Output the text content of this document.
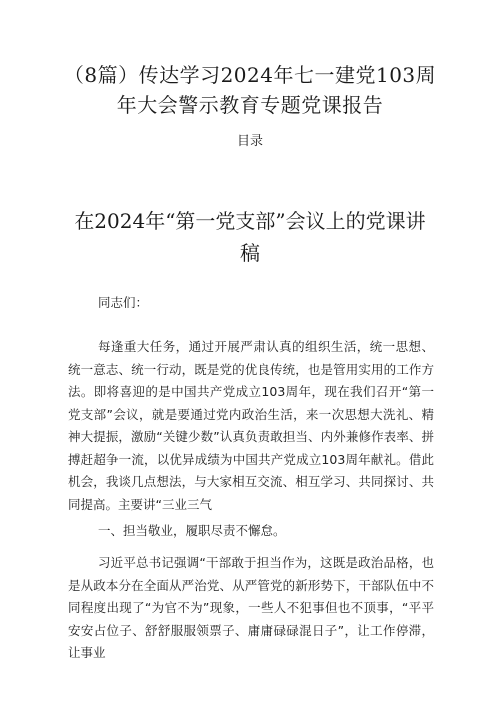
（8篇）传达学习2024年七一建党103周年大会警示教育专题党课报告
目录
在2024年“第一党支部”会议上的党课讲稿

同志们：

每逢重大任务，通过开展严肃认真的组织生活，统一思想、统一意志、统一行动，既是党的优良传统，也是管用实用的工作方法。即将喜迎的是中国共产党成立103周年，现在我们召开“第一党支部”会议，就是要通过党内政治生活，来一次思想大洗礼、精神大提振，激励“关键少数”认真负责敢担当、内外兼修作表率、拼搏赶超争一流，以优异成绩为中国共产党成立103周年献礼。借此机会，我谈几点想法，与大家相互交流、相互学习、共同探讨、共同提高。主要讲“三业三气

一、担当敬业，履职尽责不懈怠。

习近平总书记强调“干部敢于担当作为，这既是政治品格，也是从政本分在全面从严治党、从严管党的新形势下，干部队伍中不同程度出现了“为官不为”现象，一些人不犯事但也不顶事，“平平安安占位子、舒舒服服领票子、庸庸碌碌混日子”，让工作停滞，让事业
